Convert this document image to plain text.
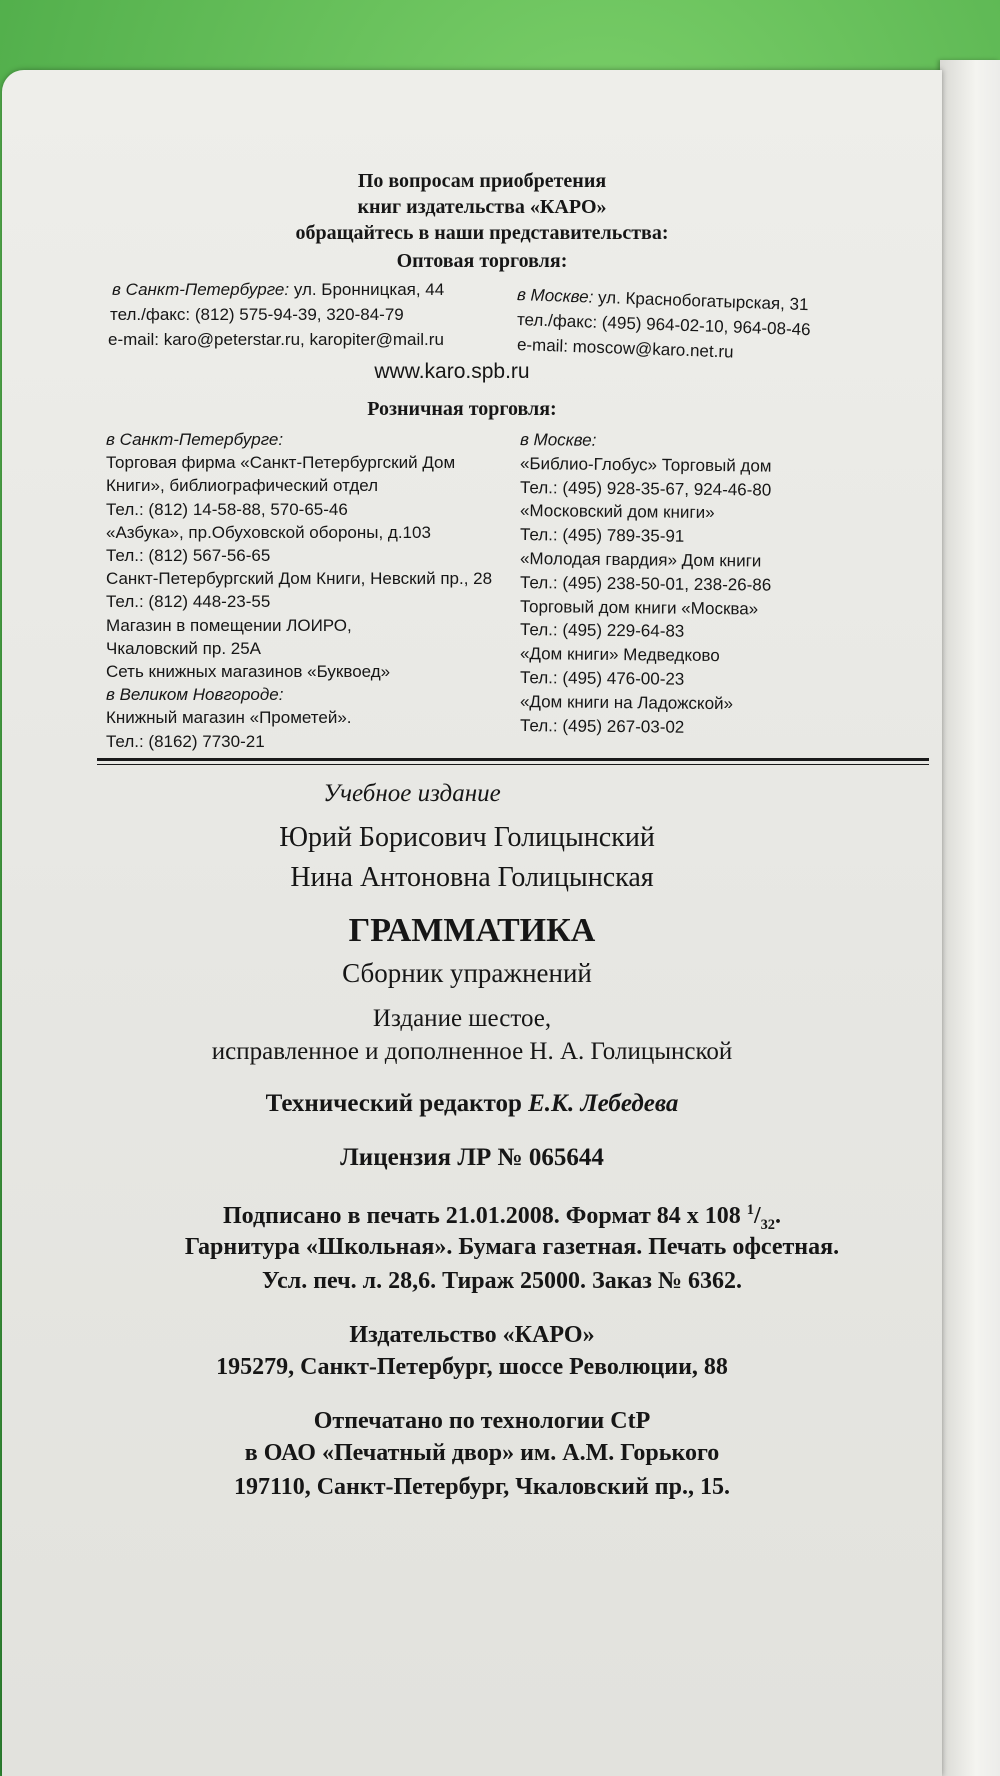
По вопросам приобретения
книг издательства «КАРО»
обращайтесь в наши представительства:
Оптовая торговля:
в Санкт-Петербурге: ул. Бронницкая, 44
тел./факс: (812) 575-94-39, 320-84-79
e-mail: karo@peterstar.ru, karopiter@mail.ru
в Москве: ул. Краснобогатырская, 31
тел./факс: (495) 964-02-10, 964-08-46
e-mail: moscow@karo.net.ru
www.karo.spb.ru
Розничная торговля:
в Санкт-Петербурге:
Торговая фирма «Санкт-Петербургский Дом
Книги», библиографический отдел
Тел.: (812) 14-58-88, 570-65-46
«Азбука», пр.Обуховской обороны, д.103
Тел.: (812) 567-56-65
Санкт-Петербургский Дом Книги, Невский пр., 28
Тел.: (812) 448-23-55
Магазин в помещении ЛОИРО,
Чкаловский пр. 25А
Сеть книжных магазинов «Буквоед»
в Великом Новгороде:
Книжный магазин «Прометей».
Тел.: (8162) 7730-21
в Москве:
«Библио-Глобус» Торговый дом
Тел.: (495) 928-35-67, 924-46-80
«Московский дом книги»
Тел.: (495) 789-35-91
«Молодая гвардия» Дом книги
Тел.: (495) 238-50-01, 238-26-86
Торговый дом книги «Москва»
Тел.: (495) 229-64-83
«Дом книги» Медведково
Тел.: (495) 476-00-23
«Дом книги на Ладожской»
Тел.: (495) 267-03-02
Учебное издание
Юрий Борисович Голицынский
Нина Антоновна Голицынская
ГРАММАТИКА
Сборник упражнений
Издание шестое,
исправленное и дополненное Н. А. Голицынской
Технический редактор Е.К. Лебедева
Лицензия ЛР № 065644
Подписано в печать 21.01.2008. Формат 84 х 108 $^1/_{32}$.
Гарнитура «Школьная». Бумага газетная. Печать офсетная.
Усл. печ. л. 28,6. Тираж 25000. Заказ № 6362.
Издательство «КАРО»
195279, Санкт-Петербург, шоссе Революции, 88
Отпечатано по технологии CtP
в ОАО «Печатный двор» им. А.М. Горького
197110, Санкт-Петербург, Чкаловский пр., 15.
